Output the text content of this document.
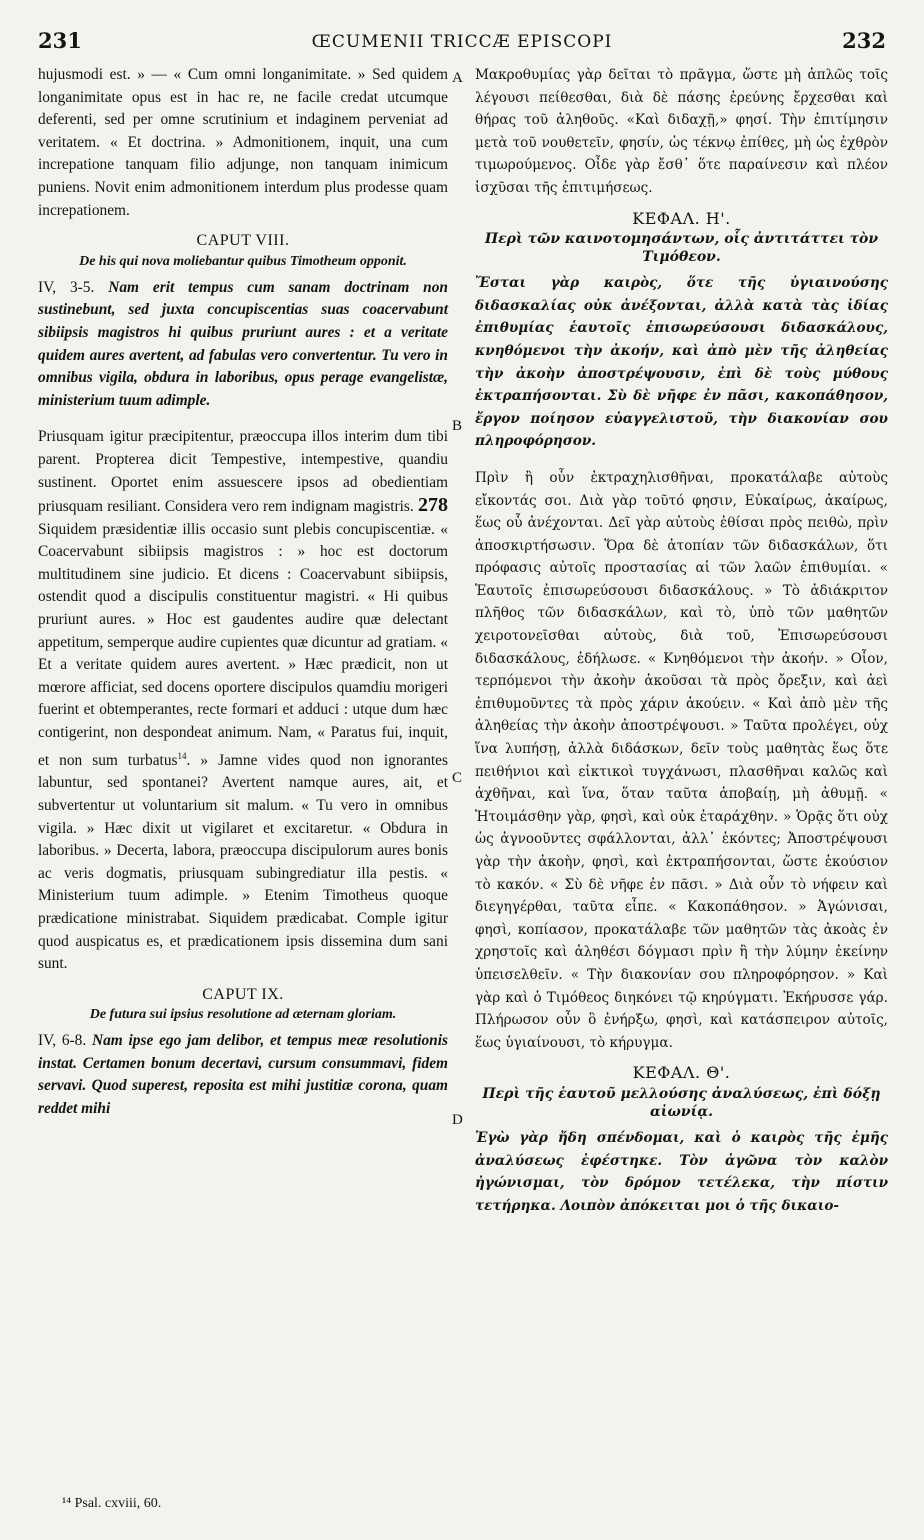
231	ŒCUMENII TRICCÆ EPISCOPI	232

hujusmodi est. » — « Cum omni longanimitate. » Sed quidem longanimitate opus est in hac re, ne facile credat utcumque deferenti, sed per omne scrutinium et indaginem perveniat ad veritatem. « Et doctrina. » Admonitionem, inquit, una cum increpatione tanquam filio adjunge, non tanquam inimicum puniens. Novit enim admonitionem interdum plus prodesse quam increpationem.

CAPUT VIII.
De his qui nova moliebantur quibus Timotheum opponit.

IV, 3-5. Nam erit tempus cum sanam doctrinam non sustinebunt, sed juxta concupiscentias suas coacervabunt sibiipsis magistros hi quibus pruriunt aures : et a veritate quidem aures avertent, ad fabulas vero convertentur. Tu vero in omnibus vigila, obdura in laboribus, opus perage evangelistæ, ministerium tuum adimple.

Priusquam igitur præcipitentur, præoccupa illos interim dum tibi parent. Propterea dicit Tempestive, intempestive, quandiu sustinent. Oportet enim assuescere ipsos ad obedientiam priusquam resiliant. Considera vero rem indignam magistris. 278 Siquidem præsidentiæ illis occasio sunt plebis concupiscentiæ. « Coacervabunt sibiipsis magistros : » hoc est doctorum multitudinem sine judicio. Et dicens : Coacervabunt sibiipsis, ostendit quod a discipulis constituentur magistri. « Hi quibus pruriunt aures. » Hoc est gaudentes audire quæ delectant appetitum, semperque audire cupientes quæ dicuntur ad gratiam. « Et a veritate quidem aures avertent. » Hæc prædicit, non ut mœrore afficiat, sed docens oportere discipulos quamdiu morigeri fuerint et obtemperantes, recte formari et adduci : utque dum hæc contigerint, non despondeat animum. Nam, « Paratus fui, inquit, et non sum turbatus$^{14}$. » Jamne vides quod non ignorantes labuntur, sed spontanei? Avertent namque aures, ait, et subvertentur ut voluntarium sit malum. « Tu vero in omnibus vigila. » Hæc dixit ut vigilaret et excitaretur. « Obdura in laboribus. » Decerta, labora, præoccupa discipulorum aures bonis ac veris dogmatis, priusquam subingrediatur illa pestis. « Ministerium tuum adimple. » Etenim Timotheus quoque prædicatione ministrabat. Siquidem prædicabat. Comple igitur quod auspicatus es, et prædicationem ipsis dissemina dum sani sunt.

CAPUT IX.
De futura sui ipsius resolutione ad æternam gloriam.

IV, 6-8. Nam ipse ego jam delibor, et tempus meæ resolutionis instat. Certamen bonum decertavi, cursum consummavi, fidem servavi. Quod superest, reposita est mihi justitiæ corona, quam reddet mihi

A
B
C
D

Μακροθυμίας γὰρ δεῖται τὸ πρᾶγμα, ὥστε μὴ ἁπλῶς τοῖς λέγουσι πείθεσθαι, διὰ δὲ πάσης ἐρεύνης ἔρχεσθαι καὶ θήρας τοῦ ἀληθοῦς. «Καὶ διδαχῇ,» φησί. Τὴν ἐπιτίμησιν μετὰ τοῦ νουθετεῖν, φησίν, ὡς τέκνῳ ἐπίθες, μὴ ὡς ἐχθρὸν τιμωρούμενος. Οἶδε γὰρ ἔσθ᾽ ὅτε παραίνεσιν καὶ πλέον ἰσχῦσαι τῆς ἐπιτιμήσεως.

ΚΕΦΑΛ. Η'.
Περὶ τῶν καινοτομησάντων, οἷς ἀντιτάττει τὸν Τιμόθεον.

Ἔσται γὰρ καιρὸς, ὅτε τῆς ὑγιαινούσης διδασκαλίας οὐκ ἀνέξονται, ἀλλὰ κατὰ τὰς ἰδίας ἐπιθυμίας ἑαυτοῖς ἐπισωρεύσουσι διδασκάλους, κνηθόμενοι τὴν ἀκοήν, καὶ ἀπὸ μὲν τῆς ἀληθείας τὴν ἀκοὴν ἀποστρέψουσιν, ἐπὶ δὲ τοὺς μύθους ἐκτραπήσονται. Σὺ δὲ νῆφε ἐν πᾶσι, κακοπάθησον, ἔργον ποίησον εὐαγγελιστοῦ, τὴν διακονίαν σου πληροφόρησον.

Πρὶν ἢ οὖν ἐκτραχηλισθῆναι, προκατάλαβε αὐτοὺς εἴκοντάς σοι. Διὰ γὰρ τοῦτό φησιν, Εὐκαίρως, ἀκαίρως, ἕως οὗ ἀνέχονται. Δεῖ γὰρ αὐτοὺς ἐθίσαι πρὸς πειθὼ, πρὶν ἀποσκιρτήσωσιν. Ὅρα δὲ ἀτοπίαν τῶν διδασκάλων, ὅτι πρόφασις αὐτοῖς προστασίας αἱ τῶν λαῶν ἐπιθυμίαι. « Ἑαυτοῖς ἐπισωρεύσουσι διδασκάλους. » Τὸ ἀδιάκριτον πλῆθος τῶν διδασκάλων, καὶ τὸ, ὑπὸ τῶν μαθητῶν χειροτονεῖσθαι αὐτοὺς, διὰ τοῦ, Ἐπισωρεύσουσι διδασκάλους, ἐδήλωσε. « Κνηθόμενοι τὴν ἀκοήν. » Οἷον, τερπόμενοι τὴν ἀκοὴν ἀκοῦσαι τὰ πρὸς ὄρεξιν, καὶ ἀεὶ ἐπιθυμοῦντες τὰ πρὸς χάριν ἀκούειν. « Καὶ ἀπὸ μὲν τῆς ἀληθείας τὴν ἀκοὴν ἀποστρέψουσι. » Ταῦτα προλέγει, οὐχ ἵνα λυπήσῃ, ἀλλὰ διδάσκων, δεῖν τοὺς μαθητὰς ἕως ὅτε πειθήνιοι καὶ εἰκτικοὶ τυγχάνωσι, πλασθῆναι καλῶς καὶ ἀχθῆναι, καὶ ἵνα, ὅταν ταῦτα ἀποβαίῃ, μὴ ἀθυμῇ. « Ἡτοιμάσθην γὰρ, φησὶ, καὶ οὐκ ἐταράχθην. » Ὁρᾷς ὅτι οὐχ ὡς ἀγνοοῦντες σφάλλονται, ἀλλ᾽ ἑκόντες; Ἀποστρέψουσι γὰρ τὴν ἀκοὴν, φησὶ, καὶ ἐκτραπήσονται, ὥστε ἑκούσιον τὸ κακόν. « Σὺ δὲ νῆφε ἐν πᾶσι. » Διὰ οὖν τὸ νήφειν καὶ διεγηγέρθαι, ταῦτα εἶπε. « Κακοπάθησον. » Ἀγώνισαι, φησὶ, κοπίασον, προκατάλαβε τῶν μαθητῶν τὰς ἀκοὰς ἐν χρηστοῖς καὶ ἀληθέσι δόγμασι πρὶν ἢ τὴν λύμην ἐκείνην ὑπεισελθεῖν. « Τὴν διακονίαν σου πληροφόρησον. » Καὶ γὰρ καὶ ὁ Τιμόθεος διηκόνει τῷ κηρύγματι. Ἐκήρυσσε γάρ. Πλήρωσον οὖν ὃ ἐνήρξω, φησὶ, καὶ κατάσπειρον αὐτοῖς, ἕως ὑγιαίνουσι, τὸ κήρυγμα.

ΚΕΦΑΛ. Θ'.
Περὶ τῆς ἑαυτοῦ μελλούσης ἀναλύσεως, ἐπὶ δόξῃ αἰωνίᾳ.

Ἐγὼ γὰρ ἤδη σπένδομαι, καὶ ὁ καιρὸς τῆς ἐμῆς ἀναλύσεως ἐφέστηκε. Τὸν ἀγῶνα τὸν καλὸν ἠγώνισμαι, τὸν δρόμον τετέλεκα, τὴν πίστιν τετήρηκα. Λοιπὸν ἀπόκειται μοι ὁ τῆς δικαιο-

¹⁴ Psal. cxviii, 60.
